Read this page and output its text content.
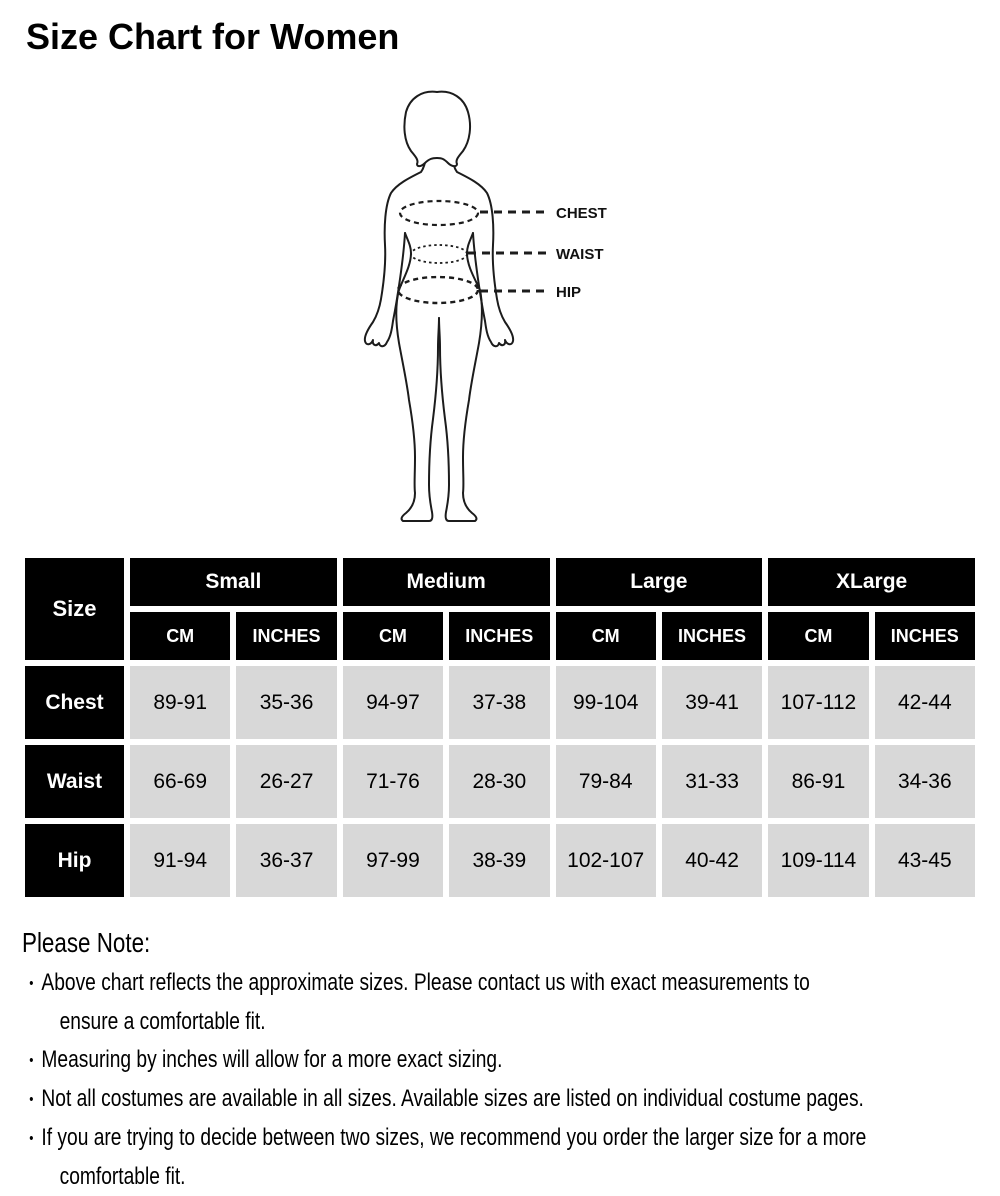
Size Chart for Women
CHEST
WAIST
HIP
Size
Small	Medium	Large	XLarge
CM	INCHES	CM	INCHES	CM	INCHES	CM	INCHES
Chest	89-91	35-36	94-97	37-38	99-104	39-41	107-112	42-44
Waist	66-69	26-27	71-76	28-30	79-84	31-33	86-91	34-36
Hip	91-94	36-37	97-99	38-39	102-107	40-42	109-114	43-45
Please Note:
• Above chart reflects the approximate sizes. Please contact us with exact measurements to
ensure a comfortable fit.
• Measuring by inches will allow for a more exact sizing.
• Not all costumes are available in all sizes. Available sizes are listed on individual costume pages.
• If you are trying to decide between two sizes, we recommend you order the larger size for a more
comfortable fit.
